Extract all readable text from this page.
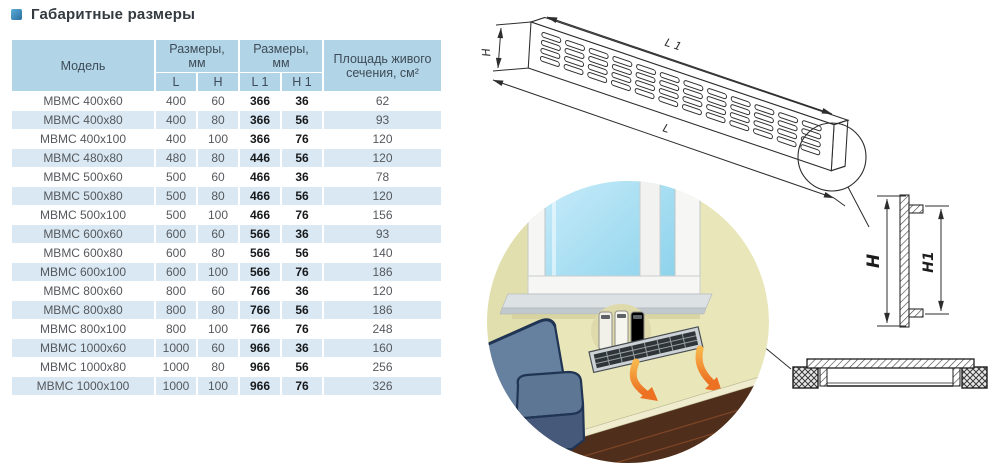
Габаритные размеры
Модель	Размеры, мм		Размеры, мм		Площадь живого сечения, см²
	L	H	L 1	H 1	
МВМС 400x60	400	60	366	36	62
МВМС 400x80	400	80	366	56	93
МВМС 400x100	400	100	366	76	120
МВМС 480x80	480	80	446	56	120
МВМС 500x60	500	60	466	36	78
МВМС 500x80	500	80	466	56	120
МВМС 500x100	500	100	466	76	156
МВМС 600x60	600	60	566	36	93
МВМС 600x80	600	80	566	56	140
МВМС 600x100	600	100	566	76	186
МВМС 800x60	800	60	766	36	120
МВМС 800x80	800	80	766	56	186
МВМС 800x100	800	100	766	76	248
МВМС 1000x60	1000	60	966	36	160
МВМС 1000x80	1000	80	966	56	256
МВМС 1000x100	1000	100	966	76	326
H	L 1
L
H	H1
